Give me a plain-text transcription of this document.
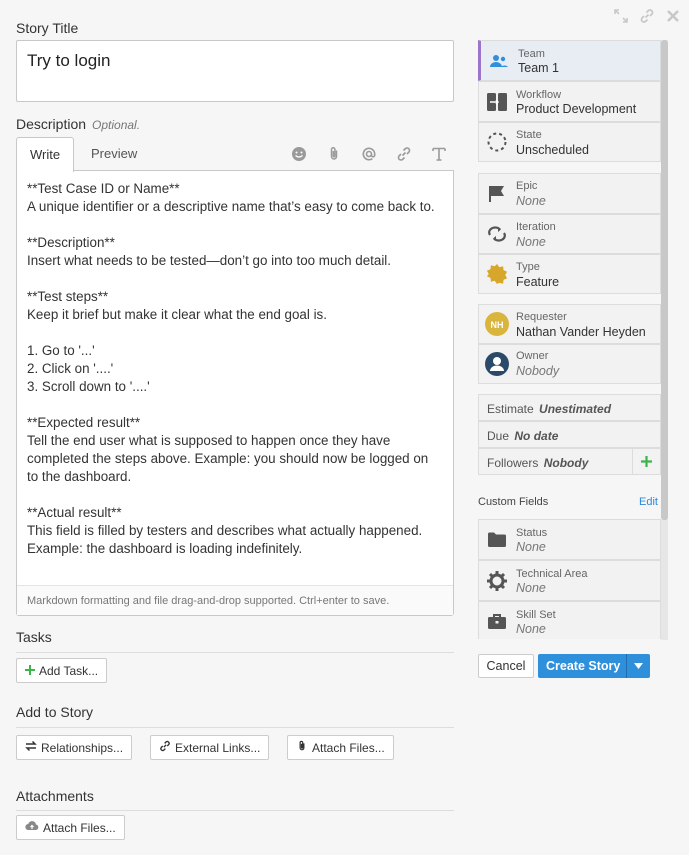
Story Title
Try to login
Description Optional.
Write	Preview
**Test Case ID or Name**
A unique identifier or a descriptive name that’s easy to come back to.

**Description**
Insert what needs to be tested—don’t go into too much detail.

**Test steps**
Keep it brief but make it clear what the end goal is.

1. Go to '...'
2. Click on '....'
3. Scroll down to '....'

**Expected result**
Tell the end user what is supposed to happen once they have completed the steps above. Example: you should now be logged on to the dashboard.

**Actual result**
This field is filled by testers and describes what actually happened. Example: the dashboard is loading indefinitely.
Markdown formatting and file drag-and-drop supported. Ctrl+enter to save.
Tasks
Add Task...
Add to Story
Relationships...	External Links...	Attach Files...
Attachments
Attach Files...
Team
Team 1
Workflow
Product Development
State
Unscheduled
Epic
None
Iteration
None
Type
Feature
NH
Requester
Nathan Vander Heyden
Owner
Nobody
Estimate Unestimated
Due No date
Followers Nobody
Custom Fields	Edit
Status
None
Technical Area
None
Skill Set
None
Cancel	Create Story
